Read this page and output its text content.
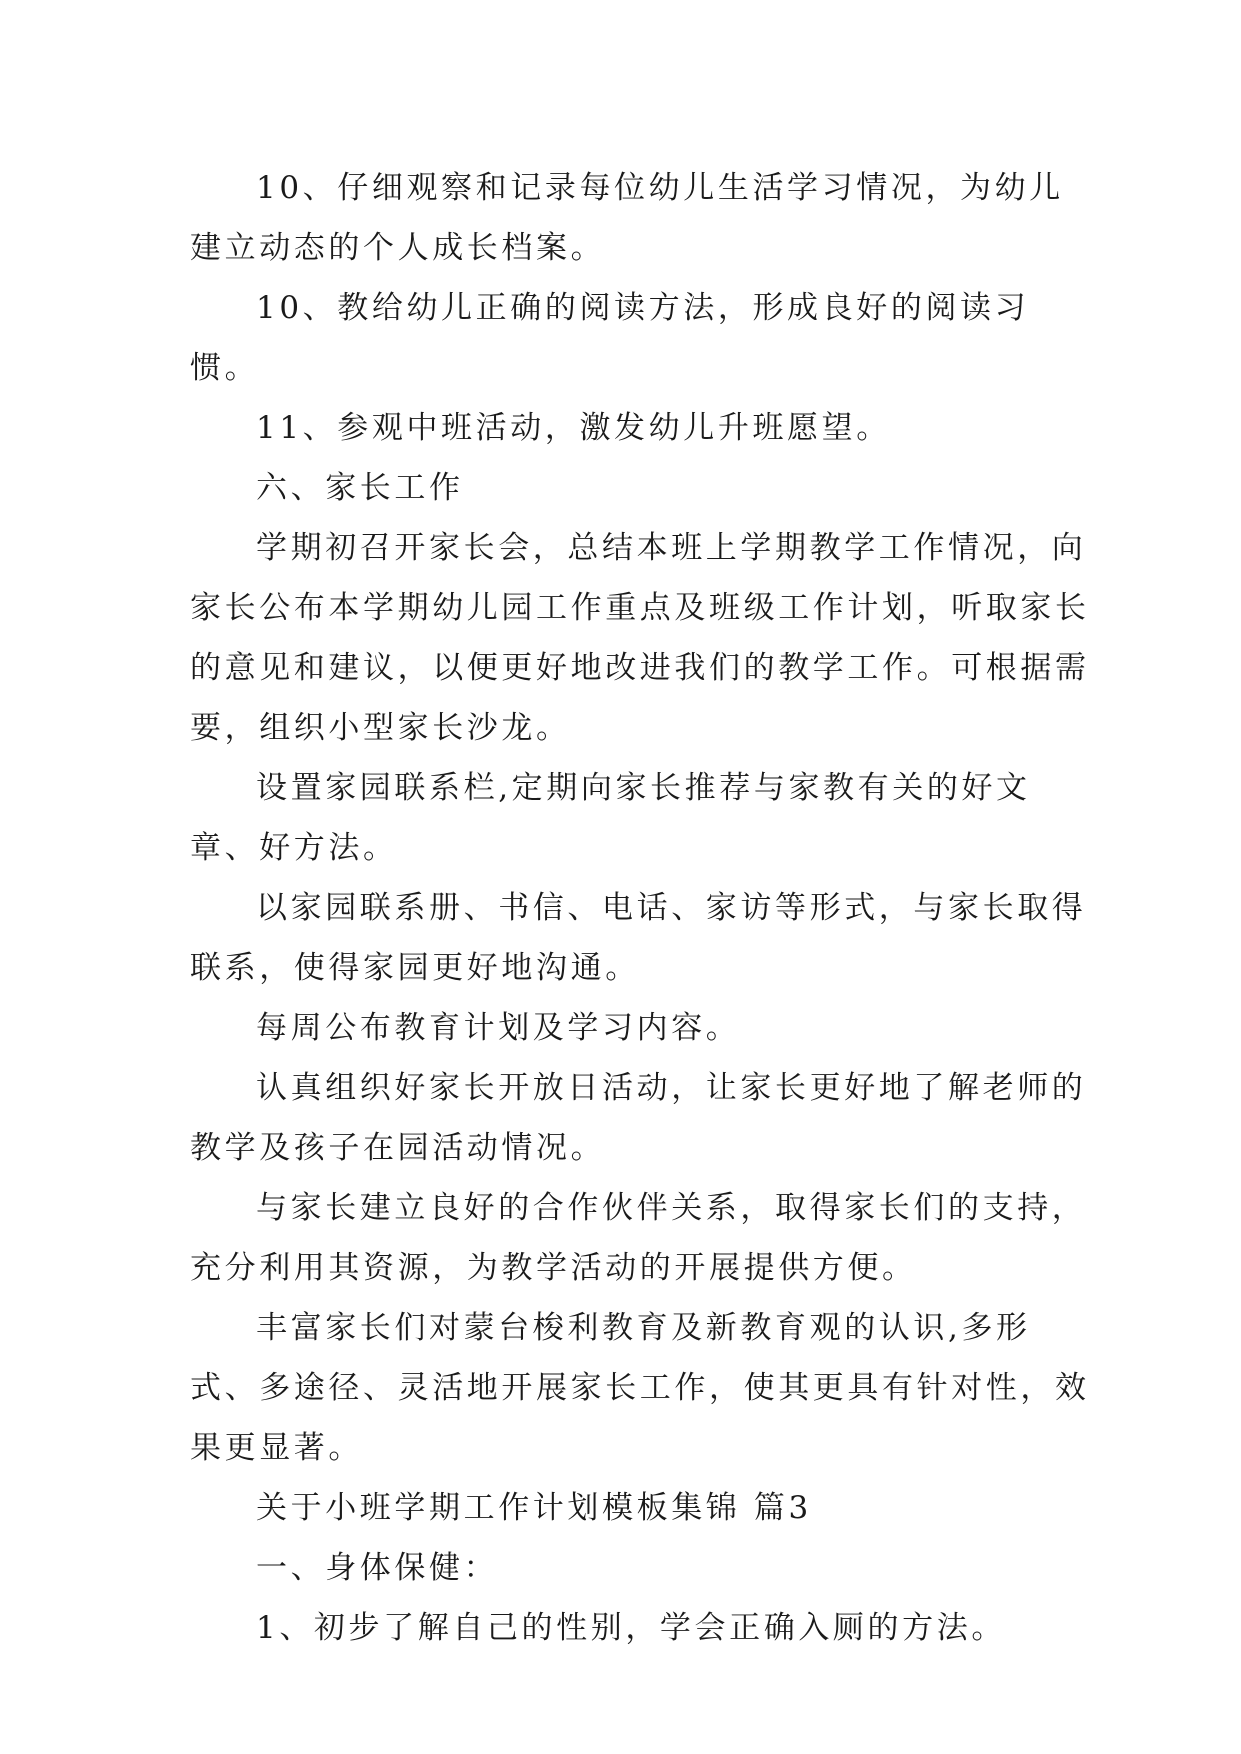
10、仔细观察和记录每位幼儿生活学习情况，为幼儿建立动态的个人成长档案。

10、教给幼儿正确的阅读方法，形成良好的阅读习惯。

11、参观中班活动，激发幼儿升班愿望。

六、家长工作

学期初召开家长会，总结本班上学期教学工作情况，向家长公布本学期幼儿园工作重点及班级工作计划，听取家长的意见和建议，以便更好地改进我们的教学工作。可根据需要，组织小型家长沙龙。

设置家园联系栏,定期向家长推荐与家教有关的好文章、好方法。

以家园联系册、书信、电话、家访等形式，与家长取得联系，使得家园更好地沟通。

每周公布教育计划及学习内容。

认真组织好家长开放日活动，让家长更好地了解老师的教学及孩子在园活动情况。

与家长建立良好的合作伙伴关系，取得家长们的支持，充分利用其资源，为教学活动的开展提供方便。

丰富家长们对蒙台梭利教育及新教育观的认识,多形式、多途径、灵活地开展家长工作，使其更具有针对性，效果更显著。

关于小班学期工作计划模板集锦 篇3

一、身体保健：

1、初步了解自己的性别，学会正确入厕的方法。
